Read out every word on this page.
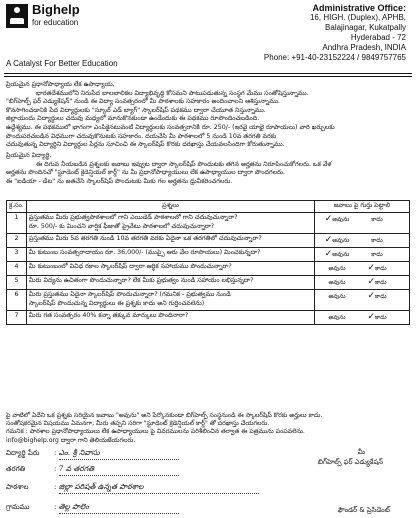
Bighelp
for education
A Catalyst For Better Education
Administrative Office:
16, HIGH. (Duplex), APHB,
Balajinagar, Kukatpally
Hyderabad - 72
Andhra Pradesh, INDIA
Phone: +91-40-23152224 / 9849757765
ప్రియమైన ప్రధానోపాధ్యాయ లేక ఉపాధ్యాయ,
భారతదేశములోని నిరుపేద బాలబాలికల విద్యాభివృద్ధి కోసమని పాటుపడుతున్న సంస్థగ మేము సంతోషిస్తున్నాము.
"బిగ్‌హెల్ప్ ఫర్ ఎడ్యుకేషన్" నుండి ఈ విద్యా సంవత్సరంలో మీ పాఠశాలకు సహకారం అందించాలని ఆశిస్తున్నాము.
కొనసాగించడానికి పేద విద్యార్థులకు "స్కూల్ ఎడ్ బ్యాగ్" స్కాలర్‌షిప్ పథకము ద్వారా చేయూత నిస్తున్నాము.
జిల్లాయందు విద్యార్థులు చదువు మధ్యలో మానుకొనకుండా ఉండేందుకు ఈ పథకము రూపొందించబడింది.
ఉద్దేశ్యము. ఈ పథకములో భాగంగా ఎంపికైనటువంటి విద్యార్థులకు సంవత్సరానికి రూ. 250/- (ఇరవై యాభై రూపాయలు) వారి ఖర్చులకు
పొందుపరచబడిన విధముగా చదువుకొనుటకు సహకారం. దయచేసి మీ పాఠశాలలో 5 నుండి 10వ తరగతి వరకు
చదువుతున్న విద్యార్థిని విద్యార్థుల పేర్లను సూచించి ఈ స్కాలర్‌షిప్ కొరకు దరఖాస్తు చేయవలసిందిగా కోరుతున్నాము.
ప్రియమైన విద్యార్థి,
ఈ దిగువ నీయబడిన ప్రశ్నలకు జవాబు ఇవ్వుట ద్వారా స్కాలర్‌షిప్ పొందుటకు తగిన అర్హతను నిరూపించుకోగలరు. ఒక వేళ
అర్హతను పొందినచో "స్టూడెంట్ క్రెడెన్షియల్ కార్డ్" ను మీ ప్రధానోపాధ్యాయులు లేక ఉపాధ్యాయుల ద్వారా పొందగలరు.
ఈ "ఐడియా - డేట" ను జతచేసి స్కాలర్‌షిప్ పొందుటకు మీకు గల అర్హతను ధ్రువీకరించగలరు.
క్ర.సం.	ప్రశ్నలు	జవాబు పై గుర్తు పెట్టాలి
1	ప్రస్తుతము మీరు ప్రభుత్వపాఠశాలలో గాని ఎయిడెడ్ పాఠశాలలో గాని చదువుచున్నారా?
రూ. 500/- కు మించని వార్షిక ఫీజుతో ప్రైవేటు పాఠశాలలో చదువుచున్నారా?	✓అవును కాదు
2	ప్రస్తుతము మీరు 5వ తరగతి నుండి 10వ తరగతి వరకు ఏదైనా ఒక తరగతిలో చదువుచున్నారా?	✓అవును కాదు
3	మీ కుటుంబ సంవత్సరాదాయం రూ. 36,000/- (ముప్పై ఆరు వేల రూపాయలు) మించకున్నదా?	✓అవును కాదు
4	మీ కుటుంబంలో వివిధ రకాల స్కాలర్‌షిప్ ద్వారా ఆర్థిక సహాయము పొందుచున్నారా?	అవును ✓కాదు
5	మీరు విద్యను ఉచితంగా పొందుచున్నారా? లేక మీకు ప్రభుత్వం నుండి సహాయం లభిస్తున్నదా?	అవును ✓కాదు
6	మీరు ప్రస్తుతము ఏదైనా స్కాలర్‌షిప్ పొందుచున్నారా? (గమనిక - ప్రభుత్వము నుండి
స్కాలర్‌షిప్ పొందుచున్న విద్యార్థులు ఈ ప్రశ్నకు కాదు అని గుర్తించవలెను)	అవును ✓కాదు
7	మీరు గత సంవత్సరం 40% కన్నా తక్కువ మార్కులు పొందినారా?	అవును ✓కాదు
పై వాటిలో ఏదేని ఒక ప్రశ్నకు సరియైన జవాబు "అవును" అని పేర్కొనకుండా బిగ్‌హెల్ప్ సంస్థనుండి ఈ స్కాలర్‌షిప్ కొరకు అర్హులు కాదు.
సంతోషకరమైన విషయము ఏమనగా, మీరు తప్పని సరిగా "స్టూడెంట్ క్రెడెన్షియల్ కార్డ్" తో దరఖాస్తు చేయగలరు.
గమనిక : పాఠశాల ప్రధానోపాధ్యాయులు లేక ఉపాధ్యాయులు పై వివరములను పరిశీలించిన తర్వాత ఈ పత్రమును పంపవలెను.
info@bighelp.org ద్వారా గాని తెలియజేయగలరు.
విద్యార్థి పేరు : ఎం. శ్రీ నివాసు
తరగతి	: 7 వ తరగతి
పాఠశాల	: జిల్లా పరిషత్ ఉన్నత పాఠశాల
గ్రామము	: తెల్ల పాలెం
మీ
బిగ్‌హెల్ప్ ఫర్ ఎడ్యుకేషన్
ఫౌండర్ & ప్రెసిడెంట్
